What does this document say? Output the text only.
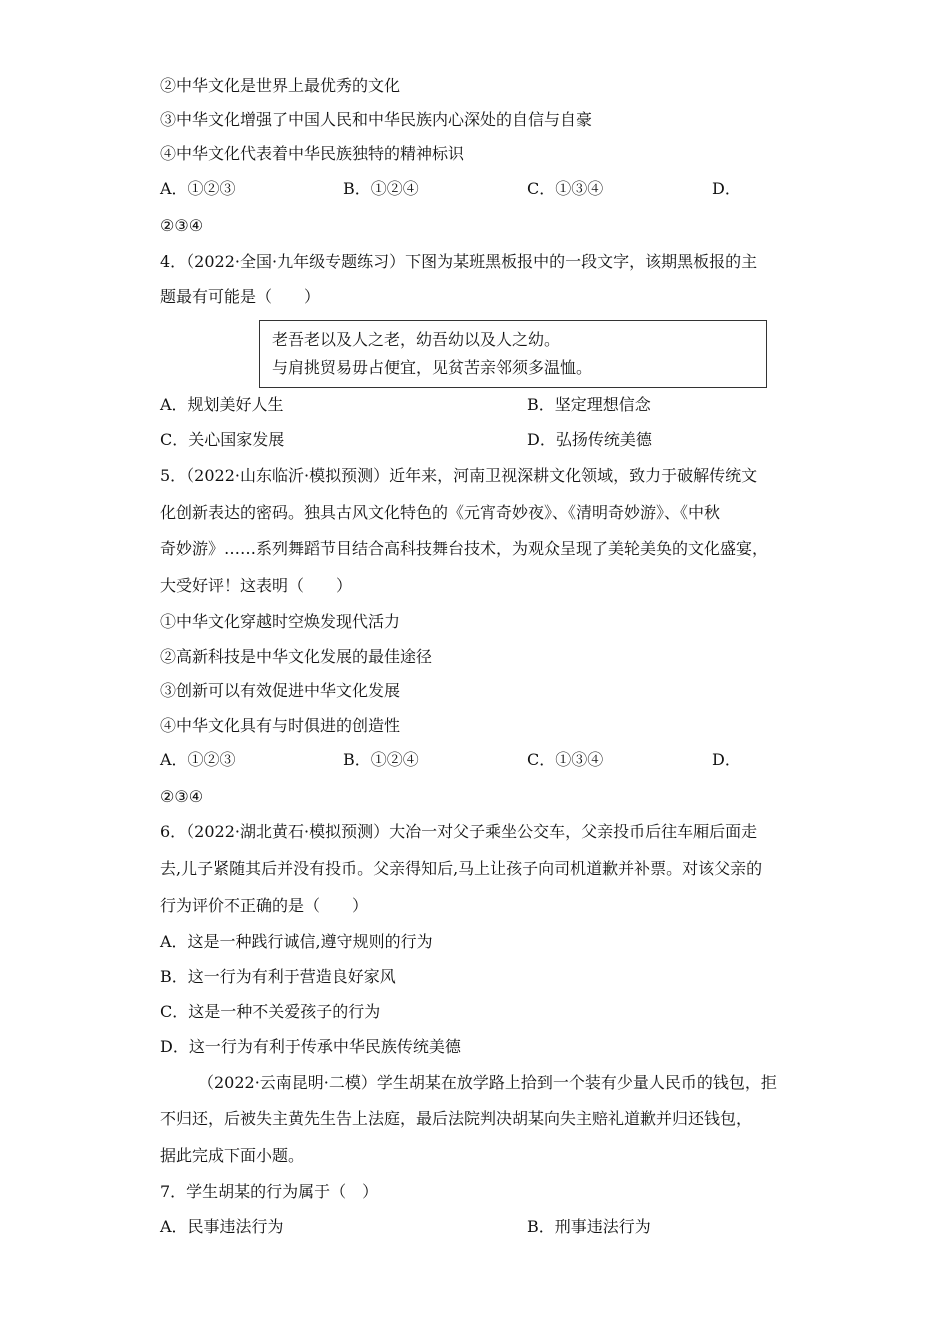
②中华文化是世界上最优秀的文化
③中华文化增强了中国人民和中华民族内心深处的自信与自豪
④中华文化代表着中华民族独特的精神标识
A．①②③	B．①②④	C．①③④	D．
②③④
4．（2022·全国·九年级专题练习）下图为某班黑板报中的一段文字，该期黑板报的主
题最有可能是（　　）
老吾老以及人之老，幼吾幼以及人之幼。
与肩挑贸易毋占便宜，见贫苦亲邻须多温恤。
A．规划美好人生	B．坚定理想信念
C．关心国家发展	D．弘扬传统美德
5．（2022·山东临沂·模拟预测）近年来，河南卫视深耕文化领域，致力于破解传统文
化创新表达的密码。独具古风文化特色的《元宵奇妙夜》、《清明奇妙游》、《中秋
奇妙游》……系列舞蹈节目结合高科技舞台技术，为观众呈现了美轮美奂的文化盛宴，
大受好评！这表明（　　）
①中华文化穿越时空焕发现代活力
②高新科技是中华文化发展的最佳途径
③创新可以有效促进中华文化发展
④中华文化具有与时俱进的创造性
A．①②③	B．①②④	C．①③④	D．
②③④
6．（2022·湖北黄石·模拟预测）大冶一对父子乘坐公交车，父亲投币后往车厢后面走
去,儿子紧随其后并没有投币。父亲得知后,马上让孩子向司机道歉并补票。对该父亲的
行为评价不正确的是（　　）
A．这是一种践行诚信,遵守规则的行为
B．这一行为有利于营造良好家风
C．这是一种不关爱孩子的行为
D．这一行为有利于传承中华民族传统美德
（2022·云南昆明·二模）学生胡某在放学路上拾到一个装有少量人民币的钱包，拒
不归还，后被失主黄先生告上法庭，最后法院判决胡某向失主赔礼道歉并归还钱包，
据此完成下面小题。
7．学生胡某的行为属于（　）
A．民事违法行为	B．刑事违法行为
